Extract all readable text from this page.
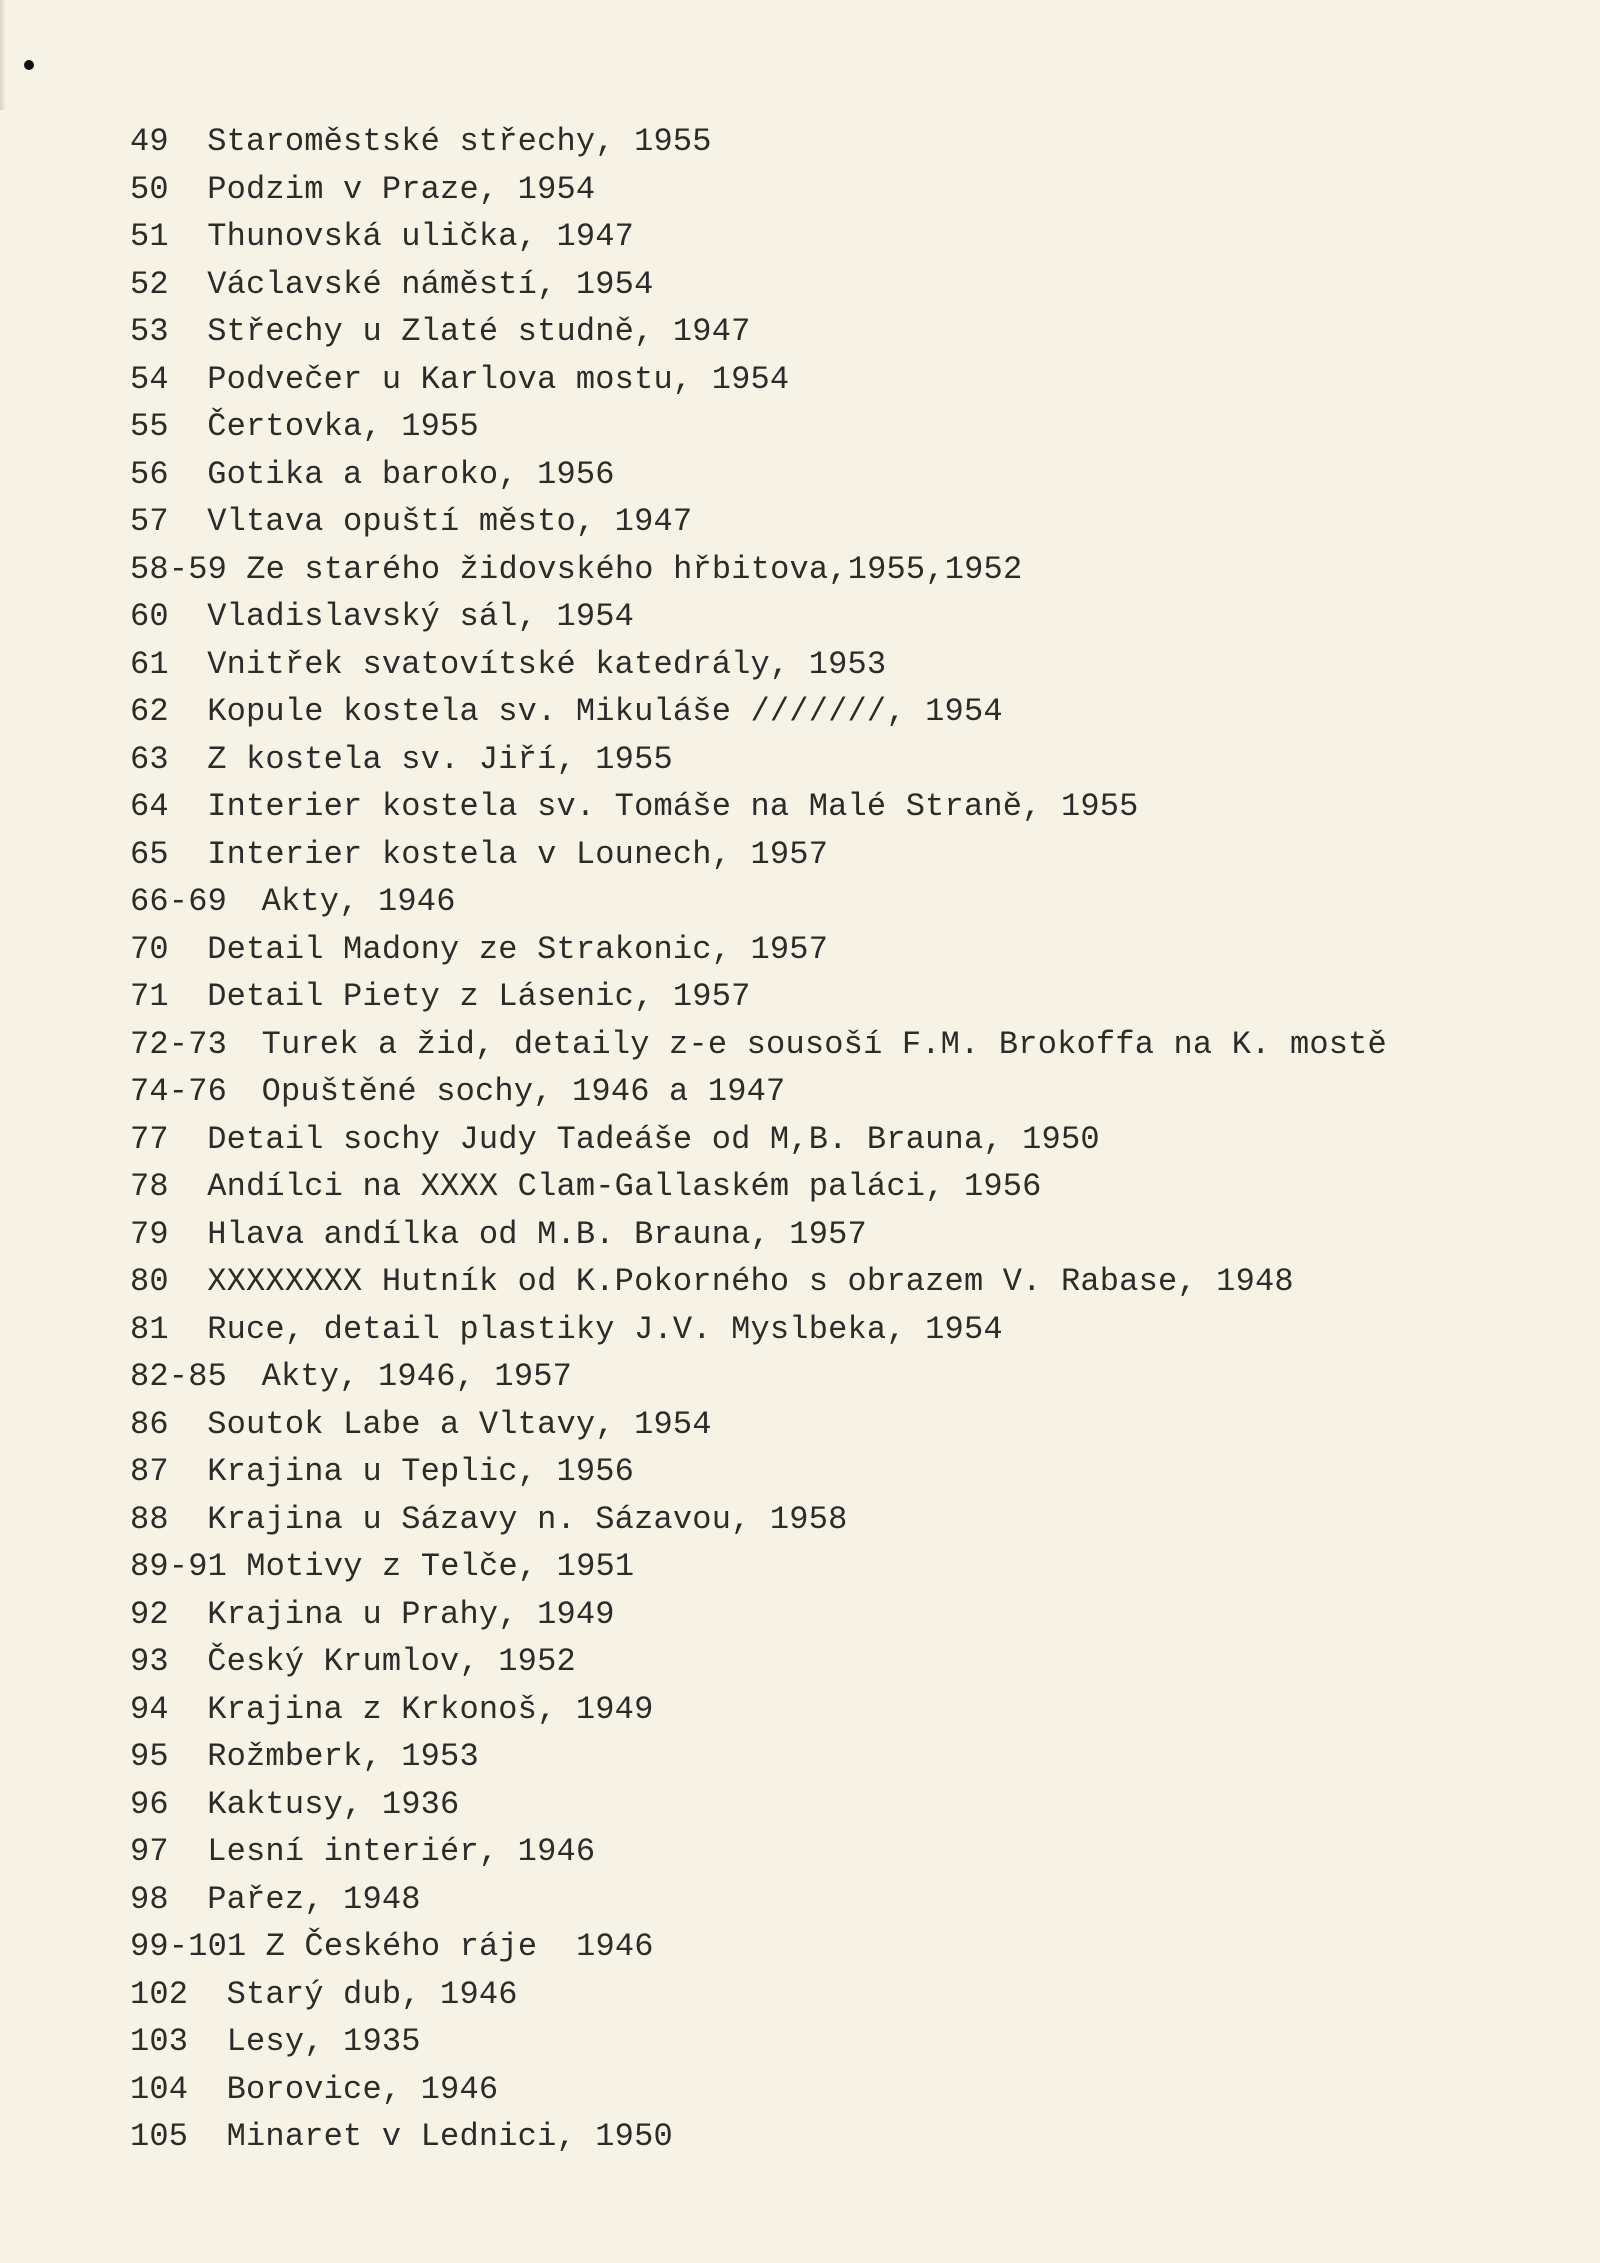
49 Staroměstské střechy, 1955
50 Podzim v Praze, 1954
51 Thunovská ulička, 1947
52 Václavské náměstí, 1954
53 Střechy u Zlaté studně, 1947
54 Podvečer u Karlova mostu, 1954
55 Čertovka, 1955
56 Gotika a baroko, 1956
57 Vltava opuští město, 1947
58-59 Ze starého židovského hřbitova,1955,1952
60 Vladislavský sál, 1954
61 Vnitřek svatovítské katedrály, 1953
62 Kopule kostela sv. Mikuláše ///////, 1954
63 Z kostela sv. Jiří, 1955
64 Interier kostela sv. Tomáše na Malé Straně, 1955
65 Interier kostela v Lounech, 1957
66-69 Akty, 1946
70 Detail Madony ze Strakonic, 1957
71 Detail Piety z Lásenic, 1957
72-73 Turek a žid, detaily z-e sousoší F.M. Brokoffa na K. mostě
74-76 Opuštěné sochy, 1946 a 1947
77 Detail sochy Judy Tadeáše od M,B. Brauna, 1950
78 Andílci na XXXX Clam-Gallaském paláci, 1956
79 Hlava andílka od M.B. Brauna, 1957
80 XXXXXXXX Hutník od K.Pokorného s obrazem V. Rabase, 1948
81 Ruce, detail plastiky J.V. Myslbeka, 1954
82-85 Akty, 1946, 1957
86 Soutok Labe a Vltavy, 1954
87 Krajina u Teplic, 1956
88 Krajina u Sázavy n. Sázavou, 1958
89-91 Motivy z Telče, 1951
92 Krajina u Prahy, 1949
93 Český Krumlov, 1952
94 Krajina z Krkonoš, 1949
95 Rožmberk, 1953
96 Kaktusy, 1936
97 Lesní interiér, 1946
98 Pařez, 1948
99-101 Z Českého ráje  1946
102 Starý dub, 1946
103 Lesy, 1935
104 Borovice, 1946
105 Minaret v Lednici, 1950
